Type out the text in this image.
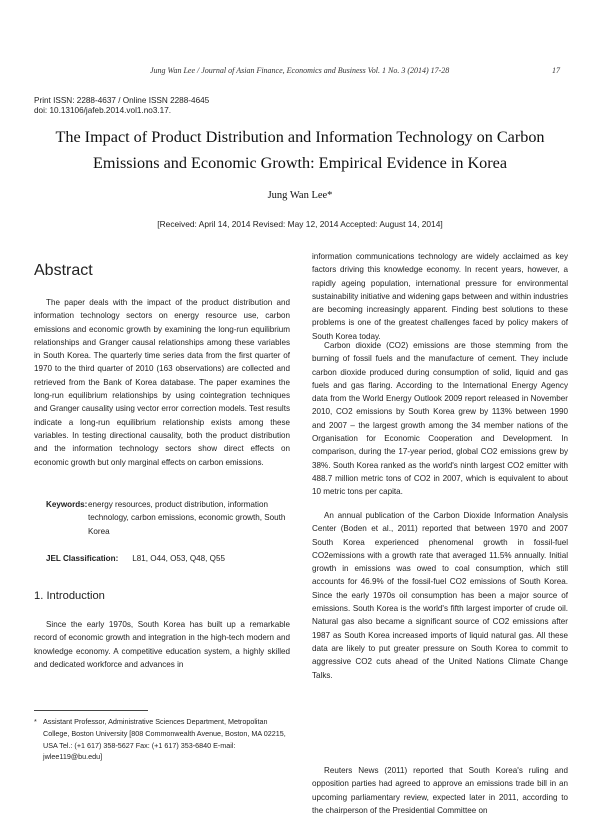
Jung Wan Lee / Journal of Asian Finance, Economics and Business Vol. 1 No. 3 (2014) 17-28	17
Print ISSN: 2288-4637 / Online ISSN 2288-4645
doi: 10.13106/jafeb.2014.vol1.no3.17.
The Impact of Product Distribution and Information Technology on Carbon
Emissions and Economic Growth: Empirical Evidence in Korea
Jung Wan Lee*
[Received: April 14, 2014 Revised: May 12, 2014 Accepted: August 14, 2014]
Abstract

The paper deals with the impact of the product distribution and information technology sectors on energy resource use, carbon emissions and economic growth by examining the long-run equilibrium relationships and Granger causal relationships among these variables in South Korea. The quarterly time series data from the first quarter of 1970 to the third quarter of 2010 (163 observations) are collected and retrieved from the Bank of Korea database. The paper examines the long-run equilibrium relationships by using cointegration techniques and Granger causality using vector error correction models. Test results indicate a long-run equilibrium relationship exists among these variables. In testing directional causality, both the product distribution and the information technology sectors show direct effects on economic growth but only marginal effects on carbon emissions.

Keywords: energy resources, product distribution, information technology, carbon emissions, economic growth, South Korea
JEL Classification: L81, O44, O53, Q48, Q55
1. Introduction

Since the early 1970s, South Korea has built up a remarkable record of economic growth and integration in the high-tech modern and knowledge economy. A competitive education system, a highly skilled and dedicated workforce and advances in

* Assistant Professor, Administrative Sciences Department, Metropolitan College, Boston University [808 Commonwealth Avenue, Boston, MA 02215, USA Tel.: (+1 617) 358-5627 Fax: (+1 617) 353-6840 E-mail: jwlee119@bu.edu]

information communications technology are widely acclaimed as key factors driving this knowledge economy. In recent years, however, a rapidly ageing population, international pressure for environmental sustainability initiative and widening gaps between and within industries are becoming increasingly apparent. Finding best solutions to these problems is one of the greatest challenges faced by policy makers of South Korea today.

Carbon dioxide (CO2) emissions are those stemming from the burning of fossil fuels and the manufacture of cement. They include carbon dioxide produced during consumption of solid, liquid and gas fuels and gas flaring. According to the International Energy Agency data from the World Energy Outlook 2009 report released in November 2010, CO2 emissions by South Korea grew by 113% between 1990 and 2007 – the largest growth among the 34 member nations of the Organisation for Economic Cooperation and Development. In comparison, during the 17-year period, global CO2 emissions grew by 38%. South Korea ranked as the world's ninth largest CO2 emitter with 488.7 million metric tons of CO2 in 2007, which is equivalent to about 10 metric tons per capita.

An annual publication of the Carbon Dioxide Information Analysis Center (Boden et al., 2011) reported that between 1970 and 2007 South Korea experienced phenomenal growth in fossil-fuel CO2emissions with a growth rate that averaged 11.5% annually. Initial growth in emissions was owed to coal consumption, which still accounts for 46.9% of the fossil-fuel CO2 emissions of South Korea. Since the early 1970s oil consumption has been a major source of emissions. South Korea is the world's fifth largest importer of crude oil. Natural gas also became a significant source of CO2 emissions after 1987 as South Korea increased imports of liquid natural gas. All these data are likely to put greater pressure on South Korea to commit to aggressive CO2 cuts ahead of the United Nations Climate Change Talks.

Reuters News (2011) reported that South Korea's ruling and opposition parties had agreed to approve an emissions trade bill in an upcoming parliamentary review, expected later in 2011, according to the chairperson of the Presidential Committee on
